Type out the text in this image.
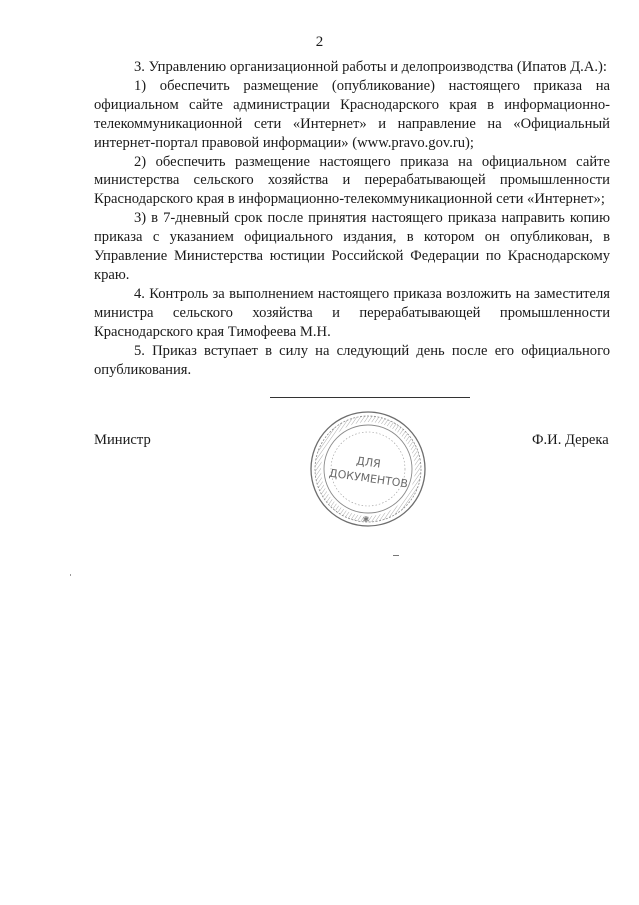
2

3. Управлению организационной работы и делопроизводства (Ипатов Д.А.):

1) обеспечить размещение (опубликование) настоящего приказа на официальном сайте администрации Краснодарского края в информационно-телекоммуникационной сети «Интернет» и направление на «Официальный интернет-портал правовой информации» (www.pravo.gov.ru);

2) обеспечить размещение настоящего приказа на официальном сайте министерства сельского хозяйства и перерабатывающей промышленности Краснодарского края в информационно-телекоммуникационной сети «Интернет»;

3) в 7-дневный срок после принятия настоящего приказа направить копию приказа с указанием официального издания, в котором он опубликован, в Управление Министерства юстиции Российской Федерации по Краснодарскому краю.

4. Контроль за выполнением настоящего приказа возложить на заместителя министра сельского хозяйства и перерабатывающей промышленности Краснодарского края Тимофеева М.Н.

5. Приказ вступает в силу на следующий день после его официального опубликования.

Министр	Ф.И. Дерека
ДЛЯ
ДОКУМЕНТОВ
✱
